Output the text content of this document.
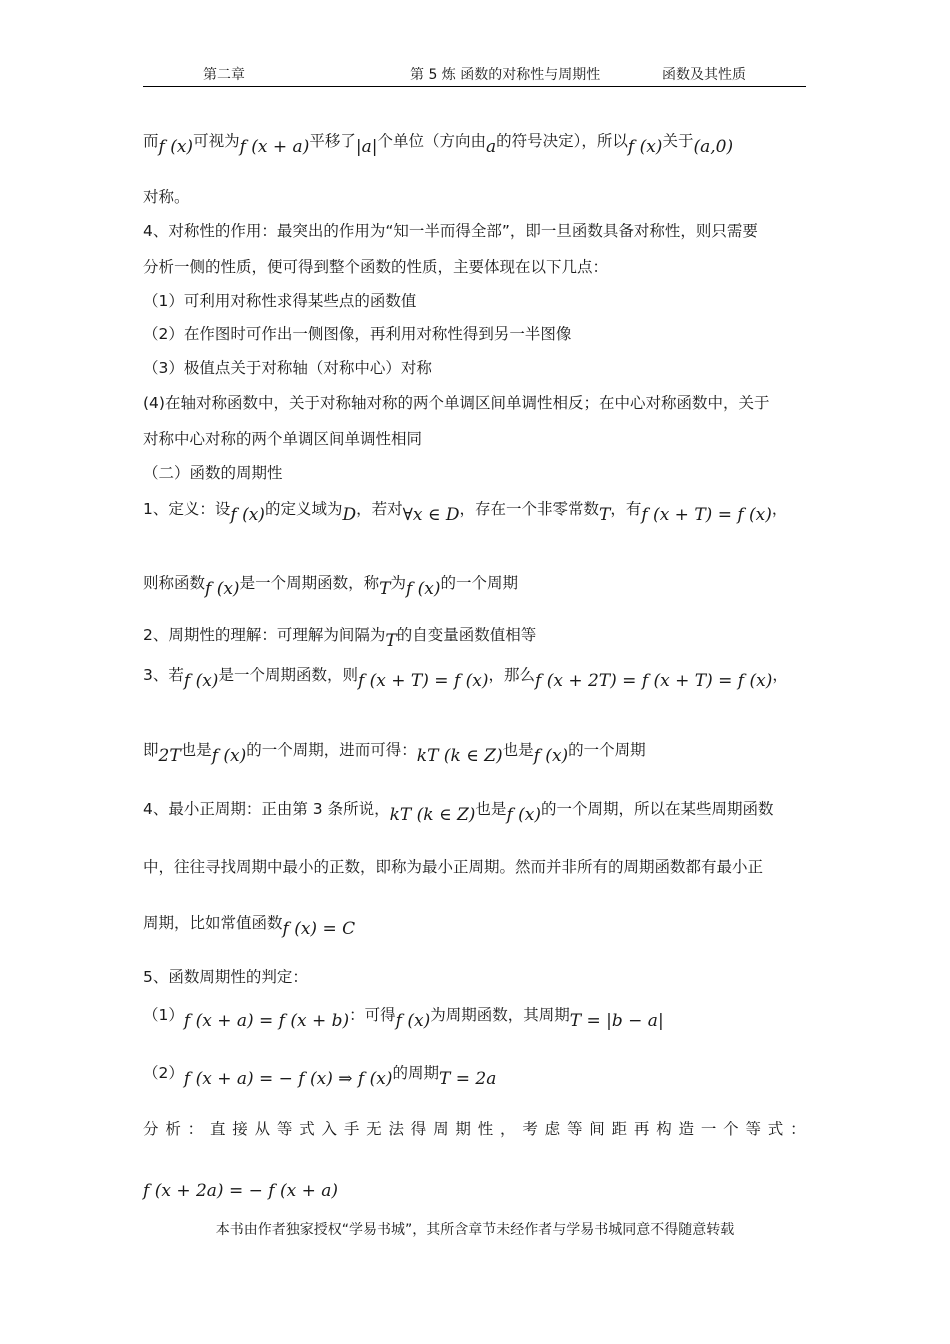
第二章	第 5 炼 函数的对称性与周期性	函数及其性质
而f (x)可视为f (x + a)平移了|a|个单位（方向由a的符号决定），所以f (x)关于(a,0)
对称。
4、对称性的作用：最突出的作用为“知一半而得全部”，即一旦函数具备对称性，则只需要
分析一侧的性质，便可得到整个函数的性质，主要体现在以下几点：
（1）可利用对称性求得某些点的函数值
（2）在作图时可作出一侧图像，再利用对称性得到另一半图像
（3）极值点关于对称轴（对称中心）对称
(4)在轴对称函数中，关于对称轴对称的两个单调区间单调性相反；在中心对称函数中，关于
对称中心对称的两个单调区间单调性相同
（二）函数的周期性
1、定义：设f (x)的定义域为D，若对∀x ∈ D，存在一个非零常数T，有f (x + T) = f (x)，
则称函数f (x)是一个周期函数，称T为f (x)的一个周期
2、周期性的理解：可理解为间隔为T的自变量函数值相等
3、若f (x)是一个周期函数，则f (x + T) = f (x)，那么f (x + 2T) = f (x + T) = f (x)，
即2T也是f (x)的一个周期，进而可得：kT (k ∈ Z)也是f (x)的一个周期
4、最小正周期：正由第 3 条所说，kT (k ∈ Z)也是f (x)的一个周期，所以在某些周期函数
中，往往寻找周期中最小的正数，即称为最小正周期。然而并非所有的周期函数都有最小正
周期，比如常值函数f (x) = C
5、函数周期性的判定：
（1）f (x + a) = f (x + b)：可得f (x)为周期函数，其周期T = |b − a|
（2）f (x + a) = − f (x) ⇒ f (x)的周期T = 2a
分 析 ： 直 接 从 等 式 入 手 无 法 得 周 期 性 ， 考 虑 等 间 距 再 构 造 一 个 等 式 ：
f (x + 2a) = − f (x + a)
本书由作者独家授权“学易书城”，其所含章节未经作者与学易书城同意不得随意转载
